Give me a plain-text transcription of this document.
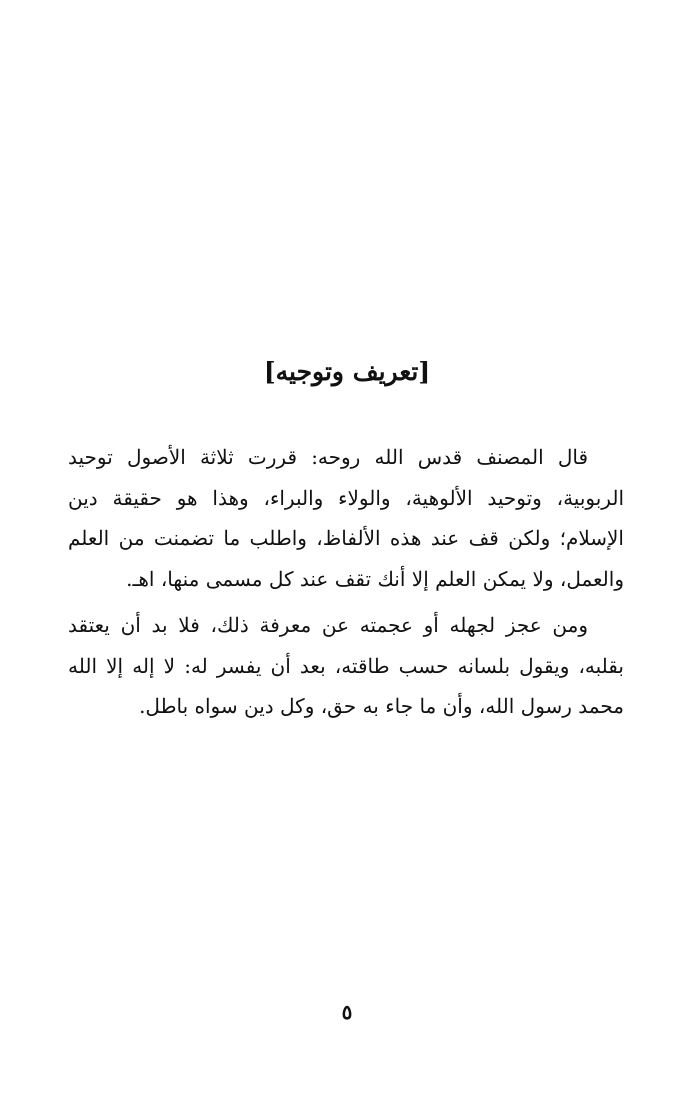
[تعريف وتوجيه]

قال المصنف قدس الله روحه: قررت ثلاثة الأصول توحيد الربوبية، وتوحيد الألوهية، والولاء والبراء، وهذا هو حقيقة دين الإسلام؛ ولكن قف عند هذه الألفاظ، واطلب ما تضمنت من العلم والعمل، ولا يمكن العلم إلا أنك تقف عند كل مسمى منها، اهـ.

ومن عجز لجهله أو عجمته عن معرفة ذلك، فلا بد أن يعتقد بقلبه، ويقول بلسانه حسب طاقته، بعد أن يفسر له: لا إله إلا الله محمد رسول الله، وأن ما جاء به حق، وكل دين سواه باطل.

٥
